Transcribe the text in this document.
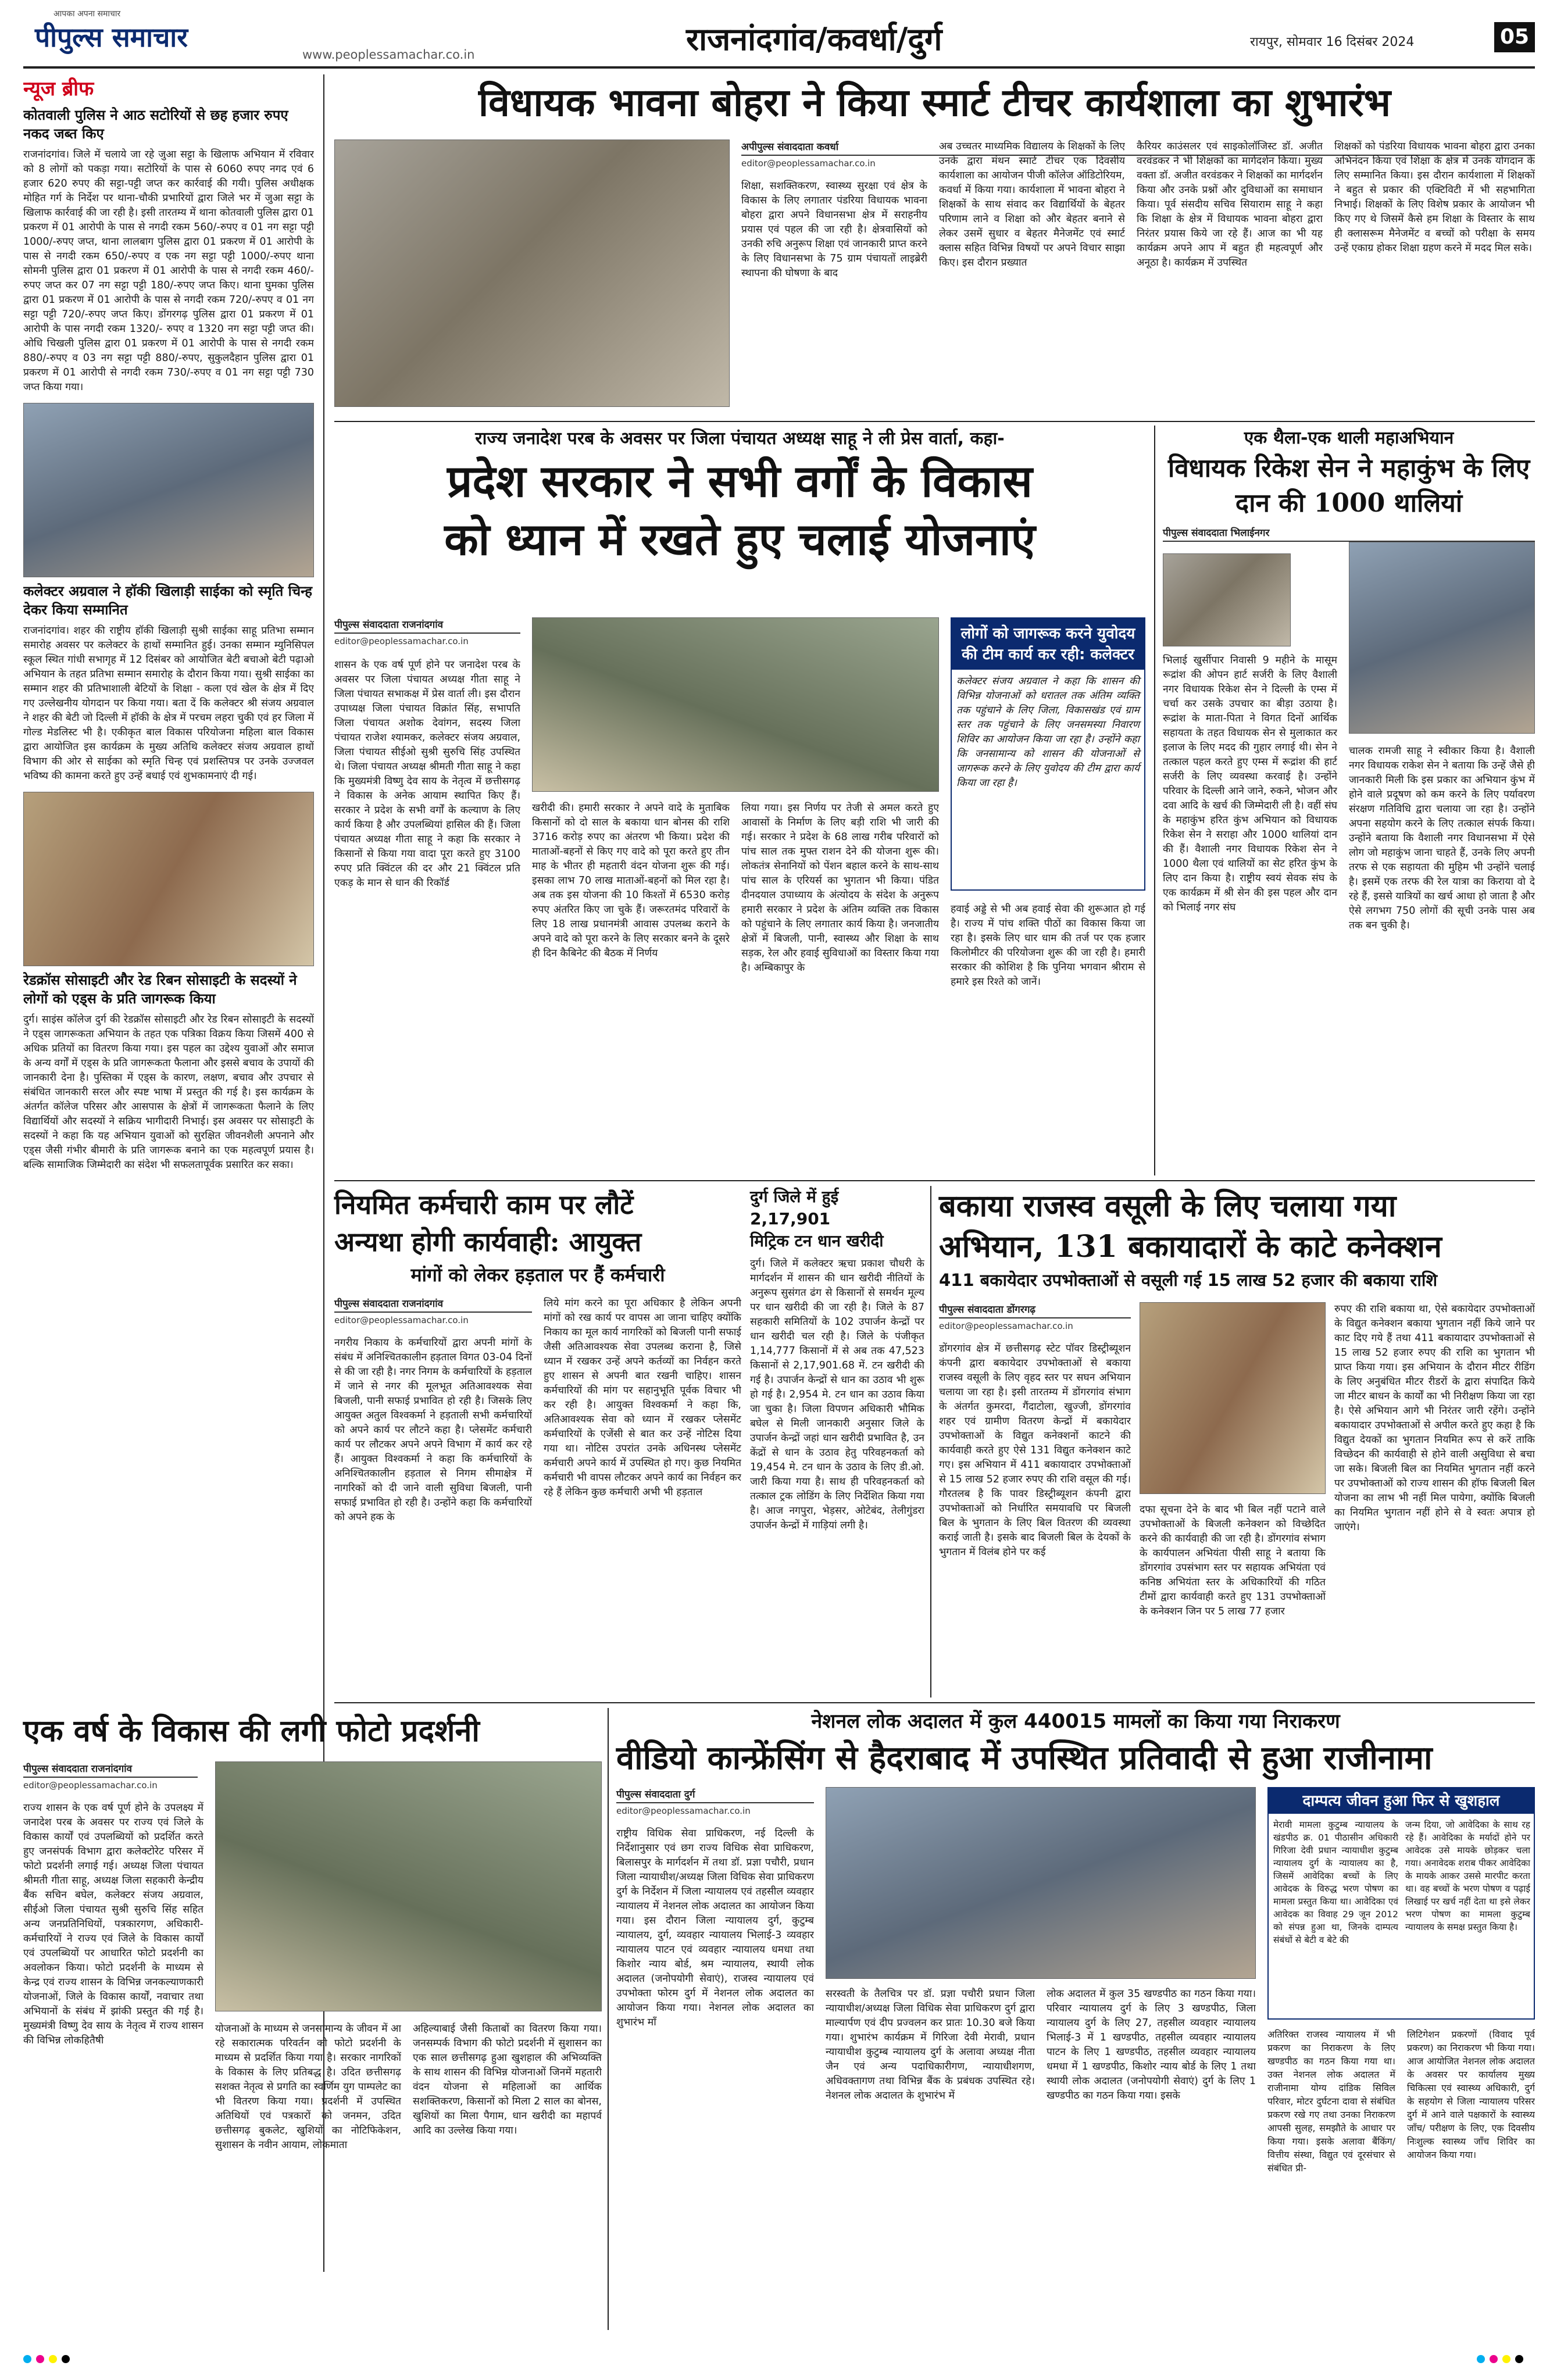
आपका अपना समाचार
पीपुल्स समाचार
www.peoplessamachar.co.in	राजनांदगांव/कवर्धा/दुर्ग	रायपुर, सोमवार 16 दिसंबर 2024	05
न्यूज ब्रीफ
कोतवाली पुलिस ने आठ सटोरियों से छह हजार रुपए नकद जब्त किए
राजनांदगांव। जिले में चलाये जा रहे जुआ सट्टा के खिलाफ अभियान में रविवार को 8 लोगों को पकड़ा गया। सटोरियों के पास से 6060 रुपए नगद एवं 6 हजार 620 रुपए की सट्टा-पट्टी जप्त कर कार्रवाई की गयी। पुलिस अधीक्षक मोहित गर्ग के निर्देश पर थाना-चौकी प्रभारियों द्वारा जिले भर में जुआ सट्टा के खिलाफ कार्रवाई की जा रही है। इसी तारतम्य में थाना कोतवाली पुलिस द्वारा 01 प्रकरण में 01 आरोपी के पास से नगदी रकम 560/-रुपए व 01 नग सट्टा पट्टी 1000/-रुपए जप्त, थाना लालबाग पुलिस द्वारा 01 प्रकरण में 01 आरोपी के पास से नगदी रकम 650/-रुपए व एक नग सट्टा पट्टी 1000/-रुपए थाना सोमनी पुलिस द्वारा 01 प्रकरण में 01 आरोपी के पास से नगदी रकम 460/-रुपए जप्त कर 07 नग सट्टा पट्टी 180/-रुपए जप्त किए। थाना घुमका पुलिस द्वारा 01 प्रकरण में 01 आरोपी के पास से नगदी रकम 720/-रुपए व 01 नग सट्टा पट्टी 720/-रुपए जप्त किए। डोंगरगढ़ पुलिस द्वारा 01 प्रकरण में 01 आरोपी के पास नगदी रकम 1320/- रुपए व 1320 नग सट्टा पट्टी जप्त की। ओधि चिखली पुलिस द्वारा 01 प्रकरण में 01 आरोपी के पास से नगदी रकम 880/-रुपए व 03 नग सट्टा पट्टी 880/-रुपए, सुकुलदैहान पुलिस द्वारा 01 प्रकरण में 01 आरोपी से नगदी रकम 730/-रुपए व 01 नग सट्टा पट्टी 730 जप्त किया गया।
कलेक्टर अग्रवाल ने हॉकी खिलाड़ी साईका को स्मृति चिन्ह देकर किया सम्मानित
राजनांदगांव। शहर की राष्ट्रीय हॉकी खिलाड़ी सुश्री साईका साहू प्रतिभा सम्मान समारोह अवसर पर कलेक्टर के हाथों सम्मानित हुई। उनका सम्मान म्युनिसिपल स्कूल स्थित गांधी सभागृह में 12 दिसंबर को आयोजित बेटी बचाओ बेटी पढ़ाओ अभियान के तहत प्रतिभा सम्मान समारोह के दौरान किया गया। सुश्री साईका का सम्मान शहर की प्रतिभाशाली बेटियों के शिक्षा - कला एवं खेल के क्षेत्र में दिए गए उल्लेखनीय योगदान पर किया गया। बता दें कि कलेक्टर श्री संजय अग्रवाल ने शहर की बेटी जो दिल्ली में हॉकी के क्षेत्र में परचम लहरा चुकी एवं हर जिला में गोल्ड मेडलिस्ट भी है। एकीकृत बाल विकास परियोजना महिला बाल विकास द्वारा आयोजित इस कार्यक्रम के मुख्य अतिथि कलेक्टर संजय अग्रवाल हाथों विभाग की ओर से साईका को स्मृति चिन्ह एवं प्रशस्तिपत्र पर उनके उज्जवल भविष्य की कामना करते हुए उन्हें बधाई एवं शुभकामनाएं दी गई।
रेडक्रॉस सोसाइटी और रेड रिबन सोसाइटी के सदस्यों ने लोगों को एड्स के प्रति जागरूक किया
दुर्ग। साइंस कॉलेज दुर्ग की रेडक्रॉस सोसाइटी और रेड रिबन सोसाइटी के सदस्यों ने एड्स जागरूकता अभियान के तहत एक पत्रिका विक्रय किया जिसमें 400 से अधिक प्रतियों का वितरण किया गया। इस पहल का उद्देश्य युवाओं और समाज के अन्य वर्गों में एड्स के प्रति जागरूकता फैलाना और इससे बचाव के उपायों की जानकारी देना है। पुस्तिका में एड्स के कारण, लक्षण, बचाव और उपचार से संबंधित जानकारी सरल और स्पष्ट भाषा में प्रस्तुत की गई है। इस कार्यक्रम के अंतर्गत कॉलेज परिसर और आसपास के क्षेत्रों में जागरूकता फैलाने के लिए विद्यार्थियों और सदस्यों ने सक्रिय भागीदारी निभाई। इस अवसर पर सोसाइटी के सदस्यों ने कहा कि यह अभियान युवाओं को सुरक्षित जीवनशैली अपनाने और एड्स जैसी गंभीर बीमारी के प्रति जागरूक बनाने का एक महत्वपूर्ण प्रयास है। बल्कि सामाजिक जिम्मेदारी का संदेश भी सफलतापूर्वक प्रसारित कर सका।
विधायक भावना बोहरा ने किया स्मार्ट टीचर कार्यशाला का शुभारंभ
अपीपुल्स संवाददाता कवर्धा
editor@peoplessamachar.co.in
शिक्षा, सशक्तिकरण, स्वास्थ्य सुरक्षा एवं क्षेत्र के विकास के लिए लगातार पंडरिया विधायक भावना बोहरा द्वारा अपने विधानसभा क्षेत्र में सराहनीय प्रयास एवं पहल की जा रही है। क्षेत्रवासियों को उनकी रुचि अनुरूप शिक्षा एवं जानकारी प्राप्त करने के लिए विधानसभा के 75 ग्राम पंचायतों लाइब्रेरी स्थापना की घोषणा के बाद
अब उच्चतर माध्यमिक विद्यालय के शिक्षकों के लिए उनके द्वारा मंथन स्मार्ट टीचर एक दिवसीय कार्यशाला का आयोजन पीजी कॉलेज ऑडिटोरियम, कवर्धा में किया गया। कार्यशाला में भावना बोहरा ने शिक्षकों के साथ संवाद कर विद्यार्थियों के बेहतर परिणाम लाने व शिक्षा को और बेहतर बनाने से लेकर उसमें सुधार व बेहतर मैनेजमेंट एवं स्मार्ट क्लास सहित विभिन्न विषयों पर अपने विचार साझा किए। इस दौरान प्रख्यात
कैरियर काउंसलर एवं साइकोलॉजिस्ट डॉ. अजीत वरवंडकर ने भी शिक्षकों का मार्गदर्शन किया। मुख्य वक्ता डॉ. अजीत वरवंडकर ने शिक्षकों का मार्गदर्शन किया और उनके प्रश्नों और दुविधाओं का समाधान किया। पूर्व संसदीय सचिव सियाराम साहू ने कहा कि शिक्षा के क्षेत्र में विधायक भावना बोहरा द्वारा निरंतर प्रयास किये जा रहे हैं। आज का भी यह कार्यक्रम अपने आप में बहुत ही महत्वपूर्ण और अनूठा है। कार्यक्रम में उपस्थित
शिक्षकों को पंडरिया विधायक भावना बोहरा द्वारा उनका अभिनंदन किया एवं शिक्षा के क्षेत्र में उनके योगदान के लिए सम्मानित किया। इस दौरान कार्यशाला में शिक्षकों ने बहुत से प्रकार की एक्टिविटी में भी सहभागिता निभाई। शिक्षकों के लिए विशेष प्रकार के आयोजन भी किए गए थे जिसमें कैसे हम शिक्षा के विस्तार के साथ ही क्लासरूम मैनेजमेंट व बच्चों को परीक्षा के समय उन्हें एकाग्र होकर शिक्षा ग्रहण करने में मदद मिल सके।
राज्य जनादेश परब के अवसर पर जिला पंचायत अध्यक्ष साहू ने ली प्रेस वार्ता, कहा-
प्रदेश सरकार ने सभी वर्गों के विकास
को ध्यान में रखते हुए चलाई योजनाएं
पीपुल्स संवाददाता राजनांदगांव
editor@peoplessamachar.co.in
शासन के एक वर्ष पूर्ण होने पर जनादेश परब के अवसर पर जिला पंचायत अध्यक्ष गीता साहू ने जिला पंचायत सभाकक्ष में प्रेस वार्ता ली। इस दौरान उपाध्यक्ष जिला पंचायत विक्रांत सिंह, सभापति जिला पंचायत अशोक देवांगन, सदस्य जिला पंचायत राजेश श्यामकर, कलेक्टर संजय अग्रवाल, जिला पंचायत सीईओ सुश्री सुरुचि सिंह उपस्थित थे। जिला पंचायत अध्यक्ष श्रीमती गीता साहू ने कहा कि मुख्यमंत्री विष्णु देव साय के नेतृत्व में छत्तीसगढ़ ने विकास के अनेक आयाम स्थापित किए हैं। सरकार ने प्रदेश के सभी वर्गों के कल्याण के लिए कार्य किया है और उपलब्धियां हासिल की हैं। जिला पंचायत अध्यक्ष गीता साहू ने कहा कि सरकार ने किसानों से किया गया वादा पूरा करते हुए 3100 रुपए प्रति क्विंटल की दर और 21 क्विंटल प्रति एकड़ के मान से धान की रिकॉर्ड
खरीदी की। हमारी सरकार ने अपने वादे के मुताबिक किसानों को दो साल के बकाया धान बोनस की राशि 3716 करोड़ रुपए का अंतरण भी किया। प्रदेश की माताओं-बहनों से किए गए वादे को पूरा करते हुए तीन माह के भीतर ही महतारी वंदन योजना शुरू की गई। इसका लाभ 70 लाख माताओं-बहनों को मिल रहा है। अब तक इस योजना की 10 किश्तों में 6530 करोड़ रुपए अंतरित किए जा चुके हैं। जरूरतमंद परिवारों के लिए 18 लाख प्रधानमंत्री आवास उपलब्ध कराने के अपने वादे को पूरा करने के लिए सरकार बनने के दूसरे ही दिन कैबिनेट की बैठक में निर्णय
लिया गया। इस निर्णय पर तेजी से अमल करते हुए आवासों के निर्माण के लिए बड़ी राशि भी जारी की गई। सरकार ने प्रदेश के 68 लाख गरीब परिवारों को पांच साल तक मुफ्त राशन देने की योजना शुरू की। लोकतंत्र सेनानियों को पेंशन बहाल करने के साथ-साथ पांच साल के एरियर्स का भुगतान भी किया। पंडित दीनदयाल उपाध्याय के अंत्योदय के संदेश के अनुरूप हमारी सरकार ने प्रदेश के अंतिम व्यक्ति तक विकास को पहुंचाने के लिए लगातार कार्य किया है। जनजातीय क्षेत्रों में बिजली, पानी, स्वास्थ्य और शिक्षा के साथ सड़क, रेल और हवाई सुविधाओं का विस्तार किया गया है। अम्बिकापुर के
लोगों को जागरूक करने युवोदय की टीम कार्य कर रही: कलेक्टर
कलेक्टर संजय अग्रवाल ने कहा कि शासन की विभिन्न योजनाओं को धरातल तक अंतिम व्यक्ति तक पहुंचाने के लिए जिला, विकासखंड एवं ग्राम स्तर तक पहुंचाने के लिए जनसमस्या निवारण शिविर का आयोजन किया जा रहा है। उन्होंने कहा कि जनसामान्य को शासन की योजनाओं से जागरूक करने के लिए युवोदय की टीम द्वारा कार्य किया जा रहा है।
हवाई अड्डे से भी अब हवाई सेवा की शुरूआत हो गई है। राज्य में पांच शक्ति पीठों का विकास किया जा रहा है। इसके लिए धार धाम की तर्ज पर एक हजार किलोमीटर की परियोजना शुरू की जा रही है। हमारी सरकार की कोशिश है कि पुनिया भगवान श्रीराम से हमारे इस रिश्ते को जानें।
एक थैला-एक थाली महाअभियान
विधायक रिकेश सेन ने महाकुंभ के लिए दान की 1000 थालियां
पीपुल्स संवाददाता भिलाईनगर
भिलाई खुर्सीपार निवासी 9 महीने के मासूम रूद्रांश की ओपन हार्ट सर्जरी के लिए वैशाली नगर विधायक रिकेश सेन ने दिल्ली के एम्स में चर्चा कर उसके उपचार का बीड़ा उठाया है। रूद्रांश के माता-पिता ने विगत दिनों आर्थिक सहायता के तहत विधायक सेन से मुलाकात कर इलाज के लिए मदद की गुहार लगाई थी। सेन ने तत्काल पहल करते हुए एम्स में रूद्रांश की हार्ट सर्जरी के लिए व्यवस्था करवाई है। उन्होंने परिवार के दिल्ली आने जाने, रुकने, भोजन और दवा आदि के खर्च की जिम्मेदारी ली है। वहीं संघ के महाकुंभ हरित कुंभ अभियान को विधायक रिकेश सेन ने सराहा और 1000 थालियां दान की हैं। वैशाली नगर विधायक रिकेश सेन ने 1000 थैला एवं थालियों का सेट हरित कुंभ के लिए दान किया है। राष्ट्रीय स्वयं सेवक संघ के एक कार्यक्रम में श्री सेन की इस पहल और दान को भिलाई नगर संघ
चालक रामजी साहू ने स्वीकार किया है। वैशाली नगर विधायक राकेश सेन ने बताया कि उन्हें जैसे ही जानकारी मिली कि इस प्रकार का अभियान कुंभ में होने वाले प्रदूषण को कम करने के लिए पर्यावरण संरक्षण गतिविधि द्वारा चलाया जा रहा है। उन्होंने अपना सहयोग करने के लिए तत्काल संपर्क किया। उन्होंने बताया कि वैशाली नगर विधानसभा में ऐसे लोग जो महाकुंभ जाना चाहते हैं, उनके लिए अपनी तरफ से एक सहायता की मुहिम भी उन्होंने चलाई है। इसमें एक तरफ की रेल यात्रा का किराया वो दे रहे हैं, इससे यात्रियों का खर्च आधा हो जाता है और ऐसे लगभग 750 लोगों की सूची उनके पास अब तक बन चुकी है।
नियमित कर्मचारी काम पर लौटें
अन्यथा होगी कार्यवाही: आयुक्त
मांगों को लेकर हड़ताल पर हैं कर्मचारी
पीपुल्स संवाददाता राजनांदगांव
editor@peoplessamachar.co.in
नगरीय निकाय के कर्मचारियों द्वारा अपनी मांगों के संबंध में अनिश्चितकालीन हड़ताल विगत 03-04 दिनों से की जा रही है। नगर निगम के कर्मचारियों के हड़ताल में जाने से नगर की मूलभूत अतिआवश्यक सेवा बिजली, पानी सफाई प्रभावित हो रही है। जिसके लिए आयुक्त अतुल विश्वकर्मा ने हड़ताली सभी कर्मचारियों को अपने कार्य पर लौटने कहा है। प्लेसमेंट कर्मचारी कार्य पर लौटकर अपने अपने विभाग में कार्य कर रहे हैं। आयुक्त विश्वकर्मा ने कहा कि कर्मचारियों के अनिश्चितकालीन हड़ताल से निगम सीमाक्षेत्र में नागरिकों को दी जाने वाली सुविधा बिजली, पानी सफाई प्रभावित हो रही है। उन्होंने कहा कि कर्मचारियों को अपने हक के
लिये मांग करने का पूरा अधिकार है लेकिन अपनी मांगों को रख कार्य पर वापस आ जाना चाहिए क्योंकि निकाय का मूल कार्य नागरिकों को बिजली पानी सफाई जैसी अतिआवश्यक सेवा उपलब्ध कराना है, जिसे ध्यान में रखकर उन्हें अपने कर्तव्यों का निर्वहन करते हुए शासन से अपनी बात रखनी चाहिए। शासन कर्मचारियों की मांग पर सहानुभूति पूर्वक विचार भी कर रही है। आयुक्त विश्वकर्मा ने कहा कि, अतिआवश्यक सेवा को ध्यान में रखकर प्लेसमेंट कर्मचारियों के एजेंसी से बात कर उन्हें नोटिस दिया गया था। नोटिस उपरांत उनके अधिनस्थ प्लेसमेंट कर्मचारी अपने कार्य में उपस्थित हो गए। कुछ नियमित कर्मचारी भी वापस लौटकर अपने कार्य का निर्वहन कर रहे हैं लेकिन कुछ कर्मचारी अभी भी हड़ताल
दुर्ग जिले में हुई 2,17,901
मिट्रिक टन धान खरीदी
दुर्ग। जिले में कलेक्टर ऋचा प्रकाश चौधरी के मार्गदर्शन में शासन की धान खरीदी नीतियों के अनुरूप सुसंगत ढंग से किसानों से समर्थन मूल्य पर धान खरीदी की जा रही है। जिले के 87 सहकारी समितियों के 102 उपार्जन केन्द्रों पर धान खरीदी चल रही है। जिले के पंजीकृत 1,14,777 किसानों में से अब तक 47,523 किसानों से 2,17,901.68 में. टन खरीदी की गई है। उपार्जन केन्द्रों से धान का उठाव भी शुरू हो गई है। 2,954 मे. टन धान का उठाव किया जा चुका है। जिला विपणन अधिकारी भौमिक बघेल से मिली जानकारी अनुसार जिले के उपार्जन केन्द्रों जहां धान खरीदी प्रभावित है, उन केंद्रों से धान के उठाव हेतु परिवहनकर्ता को 19,454 मे. टन धान के उठाव के लिए डी.ओ. जारी किया गया है। साथ ही परिवहनकर्ता को तत्काल ट्रक लोडिंग के लिए निर्देशित किया गया है। आज नगपुरा, भेड़सर, ओटेबंद, तेलीगुंडरा उपार्जन केन्द्रों में गाड़ियां लगी है।
बकाया राजस्व वसूली के लिए चलाया गया
अभियान, 131 बकायादारों के काटे कनेक्शन
411 बकायेदार उपभोक्ताओं से वसूली गई 15 लाख 52 हजार की बकाया राशि
पीपुल्स संवाददाता डोंगरगढ़
editor@peoplessamachar.co.in
डोंगरगांव क्षेत्र में छत्तीसगढ़ स्टेट पॉवर डिस्ट्रीब्यूशन कंपनी द्वारा बकायेदार उपभोक्ताओं से बकाया राजस्व वसूली के लिए वृहद स्तर पर सघन अभियान चलाया जा रहा है। इसी तारतम्य में डोंगरगांव संभाग के अंतर्गत कुमरदा, गैंदाटोला, खुज्जी, डोंगरगांव शहर एवं ग्रामीण वितरण केन्द्रों में बकायेदार उपभोक्ताओं के विद्युत कनेक्शनों काटने की कार्यवाही करते हुए ऐसे 131 विद्युत कनेक्शन काटे गए। इस अभियान में 411 बकायादार उपभोक्ताओं से 15 लाख 52 हजार रुपए की राशि वसूल की गई। गौरतलब है कि पावर डिस्ट्रीब्यूशन कंपनी द्वारा उपभोक्ताओं को निर्धारित समयावधि पर बिजली बिल के भुगतान के लिए बिल वितरण की व्यवस्था कराई जाती है। इसके बाद बिजली बिल के देयकों के भुगतान में विलंब होने पर कई
दफा सूचना देने के बाद भी बिल नहीं पटाने वाले उपभोक्ताओं के बिजली कनेक्शन को विच्छेदित करने की कार्यवाही की जा रही है। डोंगरगांव संभाग के कार्यपालन अभियंता पीसी साहू ने बताया कि डोंगरगांव उपसंभाग स्तर पर सहायक अभियंता एवं कनिष्ठ अभियंता स्तर के अधिकारियों की गठित टीमों द्वारा कार्यवाही करते हुए 131 उपभोक्ताओं के कनेक्शन जिन पर 5 लाख 77 हजार
रुपए की राशि बकाया था, ऐसे बकायेदार उपभोक्ताओं के विद्युत कनेक्शन बकाया भुगतान नहीं किये जाने पर काट दिए गये हैं तथा 411 बकायादार उपभोक्ताओं से 15 लाख 52 हजार रुपए की राशि का भुगतान भी प्राप्त किया गया। इस अभियान के दौरान मीटर रीडिंग के लिए अनुबंधित मीटर रीडरों के द्वारा संपादित किये जा मीटर बाधन के कार्यों का भी निरीक्षण किया जा रहा है। ऐसे अभियान आगे भी निरंतर जारी रहेंगे। उन्होंने बकायादार उपभोक्ताओं से अपील करते हुए कहा है कि विद्युत देयकों का भुगतान नियमित रूप से करें ताकि विच्छेदन की कार्यवाही से होने वाली असुविधा से बचा जा सके। बिजली बिल का नियमित भुगतान नहीं करने पर उपभोक्ताओं को राज्य शासन की हॉफ बिजली बिल योजना का लाभ भी नहीं मिल पायेगा, क्योंकि बिजली का नियमित भुगतान नहीं होने से वे स्वतः अपात्र हो जाएंगे।
एक वर्ष के विकास की लगी फोटो प्रदर्शनी
पीपुल्स संवाददाता राजनांदगांव
editor@peoplessamachar.co.in
राज्य शासन के एक वर्ष पूर्ण होने के उपलक्ष्य में जनादेश परब के अवसर पर राज्य एवं जिले के विकास कार्यों एवं उपलब्धियों को प्रदर्शित करते हुए जनसंपर्क विभाग द्वारा कलेक्टोरेट परिसर में फोटो प्रदर्शनी लगाई गई। अध्यक्ष जिला पंचायत श्रीमती गीता साहू, अध्यक्ष जिला सहकारी केन्द्रीय बैंक सचिन बघेल, कलेक्टर संजय अग्रवाल, सीईओ जिला पंचायत सुश्री सुरुचि सिंह सहित अन्य जनप्रतिनिधियों, पत्रकारगण, अधिकारी-कर्मचारियों ने राज्य एवं जिले के विकास कार्यों एवं उपलब्धियों पर आधारित फोटो प्रदर्शनी का अवलोकन किया। फोटो प्रदर्शनी के माध्यम से केन्द्र एवं राज्य शासन के विभिन्न जनकल्याणकारी योजनाओं, जिले के विकास कार्यों, नवाचार तथा अभियानों के संबंध में झांकी प्रस्तुत की गई है। मुख्यमंत्री विष्णु देव साय के नेतृत्व में राज्य शासन की विभिन्न लोकहितैषी
योजनाओं के माध्यम से जनसामान्य के जीवन में आ रहे सकारात्मक परिवर्तन को फोटो प्रदर्शनी के माध्यम से प्रदर्शित किया गया है। सरकार नागरिकों के विकास के लिए प्रतिबद्ध है। उदित छत्तीसगढ़ सशक्त नेतृत्व से प्रगति का स्वर्णिम युग पाम्पलेट का भी वितरण किया गया। प्रदर्शनी में उपस्थित अतिथियों एवं पत्रकारों को जनमन, उदित छत्तीसगढ़ बुकलेट, खुशियों का नोटिफिकेशन, सुशासन के नवीन आयाम, लोकमाता
अहिल्याबाई जैसी किताबों का वितरण किया गया। जनसम्पर्क विभाग की फोटो प्रदर्शनी में सुशासन का एक साल छत्तीसगढ़ हुआ खुशहाल की अभिव्यक्ति के साथ शासन की विभिन्न योजनाओं जिनमें महतारी वंदन योजना से महिलाओं का आर्थिक सशक्तिकरण, किसानों को मिला 2 साल का बोनस, खुशियों का मिला पैगाम, धान खरीदी का महापर्व आदि का उल्लेख किया गया।
नेशनल लोक अदालत में कुल 440015 मामलों का किया गया निराकरण
वीडियो कान्फ्रेंसिंग से हैदराबाद में उपस्थित प्रतिवादी से हुआ राजीनामा
पीपुल्स संवाददाता दुर्ग
editor@peoplessamachar.co.in
राष्ट्रीय विधिक सेवा प्राधिकरण, नई दिल्ली के निर्देशानुसार एवं छग राज्य विधिक सेवा प्राधिकरण, बिलासपुर के मार्गदर्शन में तथा डॉ. प्रज्ञा पचौरी, प्रधान जिला न्यायाधीश/अध्यक्ष जिला विधिक सेवा प्राधिकरण दुर्ग के निर्देशन में जिला न्यायालय एवं तहसील व्यवहार न्यायालय में नेशनल लोक अदालत का आयोजन किया गया। इस दौरान जिला न्यायालय दुर्ग, कुटुम्ब न्यायालय, दुर्ग, व्यवहार न्यायालय भिलाई-3 व्यवहार न्यायालय पाटन एवं व्यवहार न्यायालय धमधा तथा किशोर न्याय बोर्ड, श्रम न्यायालय, स्थायी लोक अदालत (जनोपयोगी सेवाएं), राजस्व न्यायालय एवं उपभोक्ता फोरम दुर्ग में नेशनल लोक अदालत का आयोजन किया गया। नेशनल लोक अदालत का शुभारंभ माँ
सरस्वती के तैलचित्र पर डॉ. प्रज्ञा पचौरी प्रधान जिला न्यायाधीश/अध्यक्ष जिला विधिक सेवा प्राधिकरण दुर्ग द्वारा माल्यार्पण एवं दीप प्रज्वलन कर प्रातः 10.30 बजे किया गया। शुभारंभ कार्यक्रम में गिरिजा देवी मेरावी, प्रधान न्यायाधीश कुटुम्ब न्यायालय दुर्ग के अलावा अध्यक्ष नीता जैन एवं अन्य पदाधिकारीगण, न्यायाधीशगण, अधिवक्तागण तथा विभिन्न बैंक के प्रबंधक उपस्थित रहे। नेशनल लोक अदालत के शुभारंभ में
लोक अदालत में कुल 35 खण्डपीठ का गठन किया गया। परिवार न्यायालय दुर्ग के लिए 3 खण्डपीठ, जिला न्यायालय दुर्ग के लिए 27, तहसील व्यवहार न्यायालय भिलाई-3 में 1 खण्डपीठ, तहसील व्यवहार न्यायालय पाटन के लिए 1 खण्डपीठ, तहसील व्यवहार न्यायालय धमधा में 1 खण्डपीठ, किशोर न्याय बोर्ड के लिए 1 तथा स्थायी लोक अदालत (जनोपयोगी सेवाएं) दुर्ग के लिए 1 खण्डपीठ का गठन किया गया। इसके
दाम्पत्य जीवन हुआ फिर से खुशहाल
मेरावी मामला कुटुम्ब न्यायालय के खंडपीठ क्र. 01 पीठासीन अधिकारी गिरिजा देवी प्रधान न्यायाधीश कुटुम्ब न्यायालय दुर्ग के न्यायालय का है, जिसमें आवेदिका बच्चों के लिए आवेदक के विरुद्ध भरण पोषण का मामला प्रस्तुत किया था। आवेदिका एवं आवेदक का विवाह 29 जून 2012 को संपन्न हुआ था, जिनके दाम्पत्य संबंधों से बेटी व बेटे की
जन्म दिया, जो आवेदिका के साथ रह रहे हैं। आवेदिका के मर्यादों होने पर आवेदक उसे मायके छोड़कर चला गया। अनावेदक शराब पीकर आवेदिका के मायके आकर उससे मारपीट करता था। वह बच्चों के भरण पोषण व पढ़ाई लिखाई पर खर्च नहीं देता था इसे लेकर भरण पोषण का मामला कुटुम्ब न्यायालय के समक्ष प्रस्तुत किया है।
अतिरिक्त राजस्व न्यायालय में भी प्रकरण का निराकरण के लिए खण्डपीठ का गठन किया गया था। उक्त नेशनल लोक अदालत में राजीनामा योग्य दांडिक सिविल परिवार, मोटर दुर्घटना दावा से संबंधित प्रकरण रखे गए तथा उनका निराकरण आपसी सुलह, समझौते के आधार पर किया गया। इसके अलावा बैंकिंग/वित्तीय संस्था, विद्युत एवं दूरसंचार से संबंधित प्री-
लिटिगेशन प्रकरणों (विवाद पूर्व प्रकरण) का निराकरण भी किया गया। आज आयोजित नेशनल लोक अदालत के अवसर पर कार्यालय मुख्य चिकित्सा एवं स्वास्थ्य अधिकारी, दुर्ग के सहयोग से जिला न्यायालय परिसर दुर्ग में आने वाले पक्षकारों के स्वास्थ्य जाँच/ परीक्षण के लिए, एक दिवसीय निःशुल्क स्वास्थ्य जाँच शिविर का आयोजन किया गया।
